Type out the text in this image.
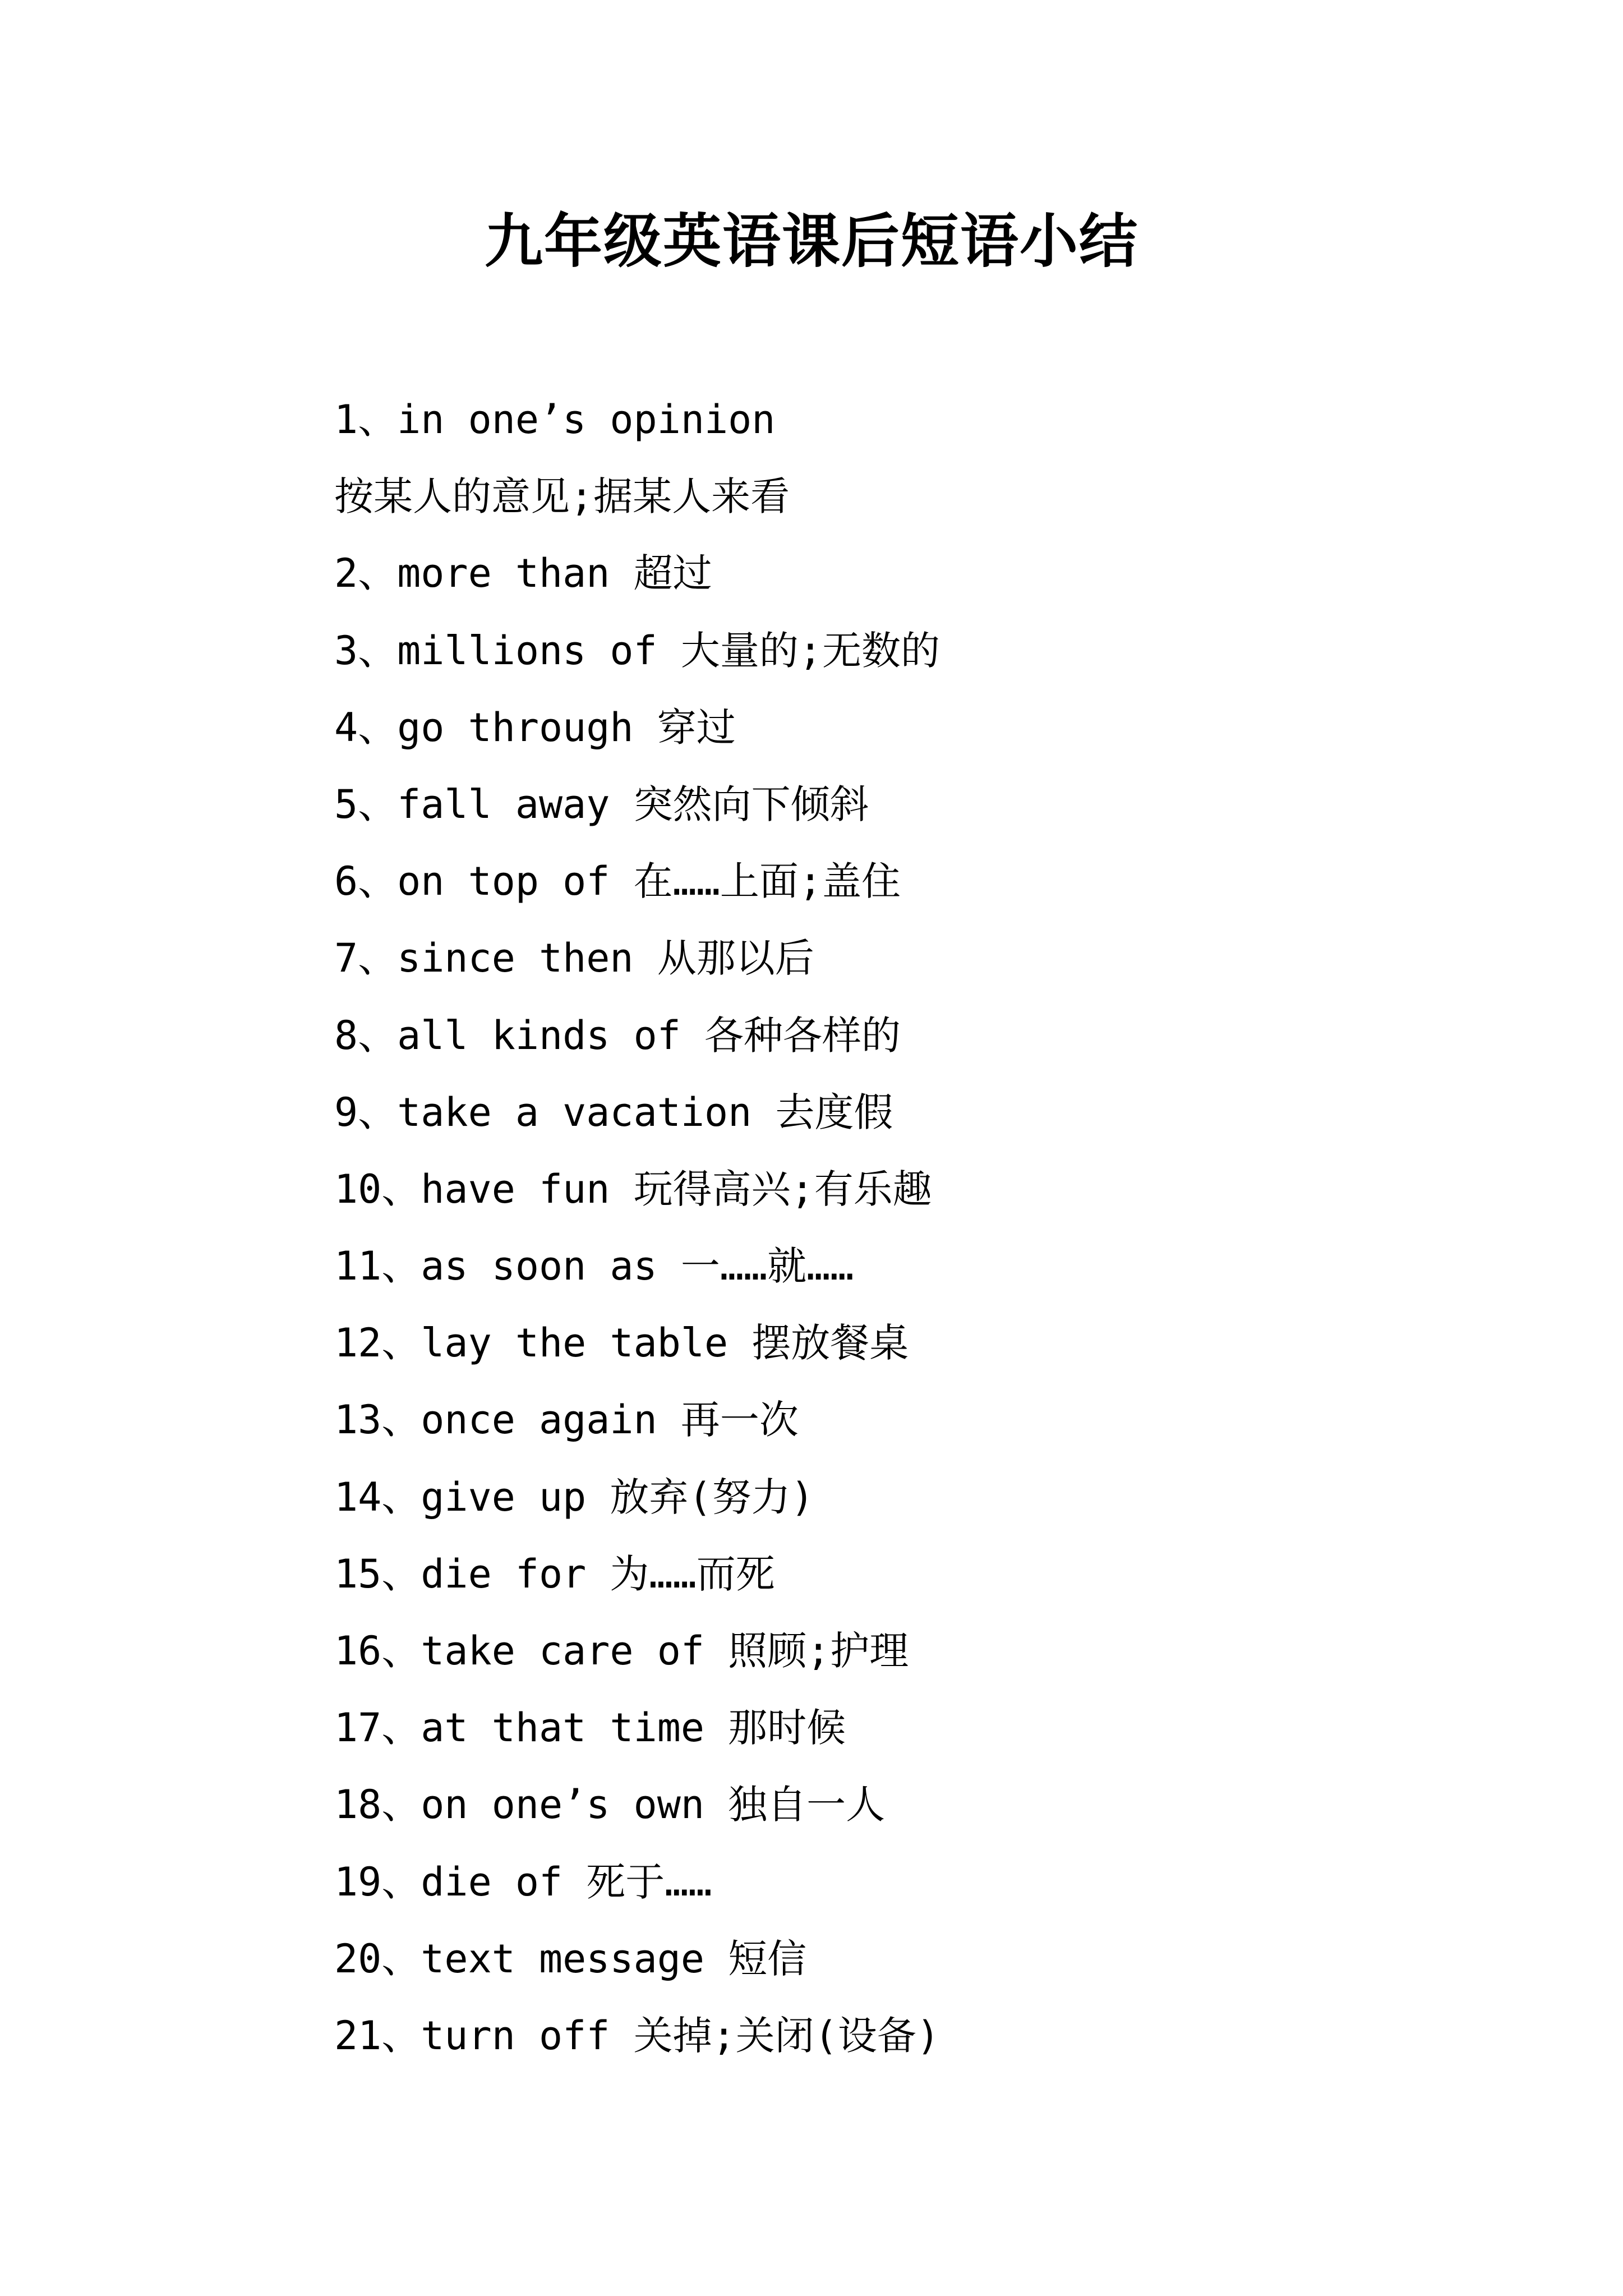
九年级英语课后短语小结
1、in one’s opinion
按某人的意见;据某人来看
2、more than 超过
3、millions of 大量的;无数的
4、go through 穿过
5、fall away 突然向下倾斜
6、on top of 在……上面;盖住
7、since then 从那以后
8、all kinds of 各种各样的
9、take a vacation 去度假
10、have fun 玩得高兴;有乐趣
11、as soon as 一……就……
12、lay the table 摆放餐桌
13、once again 再一次
14、give up 放弃(努力)
15、die for 为……而死
16、take care of 照顾;护理
17、at that time 那时候
18、on one’s own 独自一人
19、die of 死于……
20、text message 短信
21、turn off 关掉;关闭(设备)
